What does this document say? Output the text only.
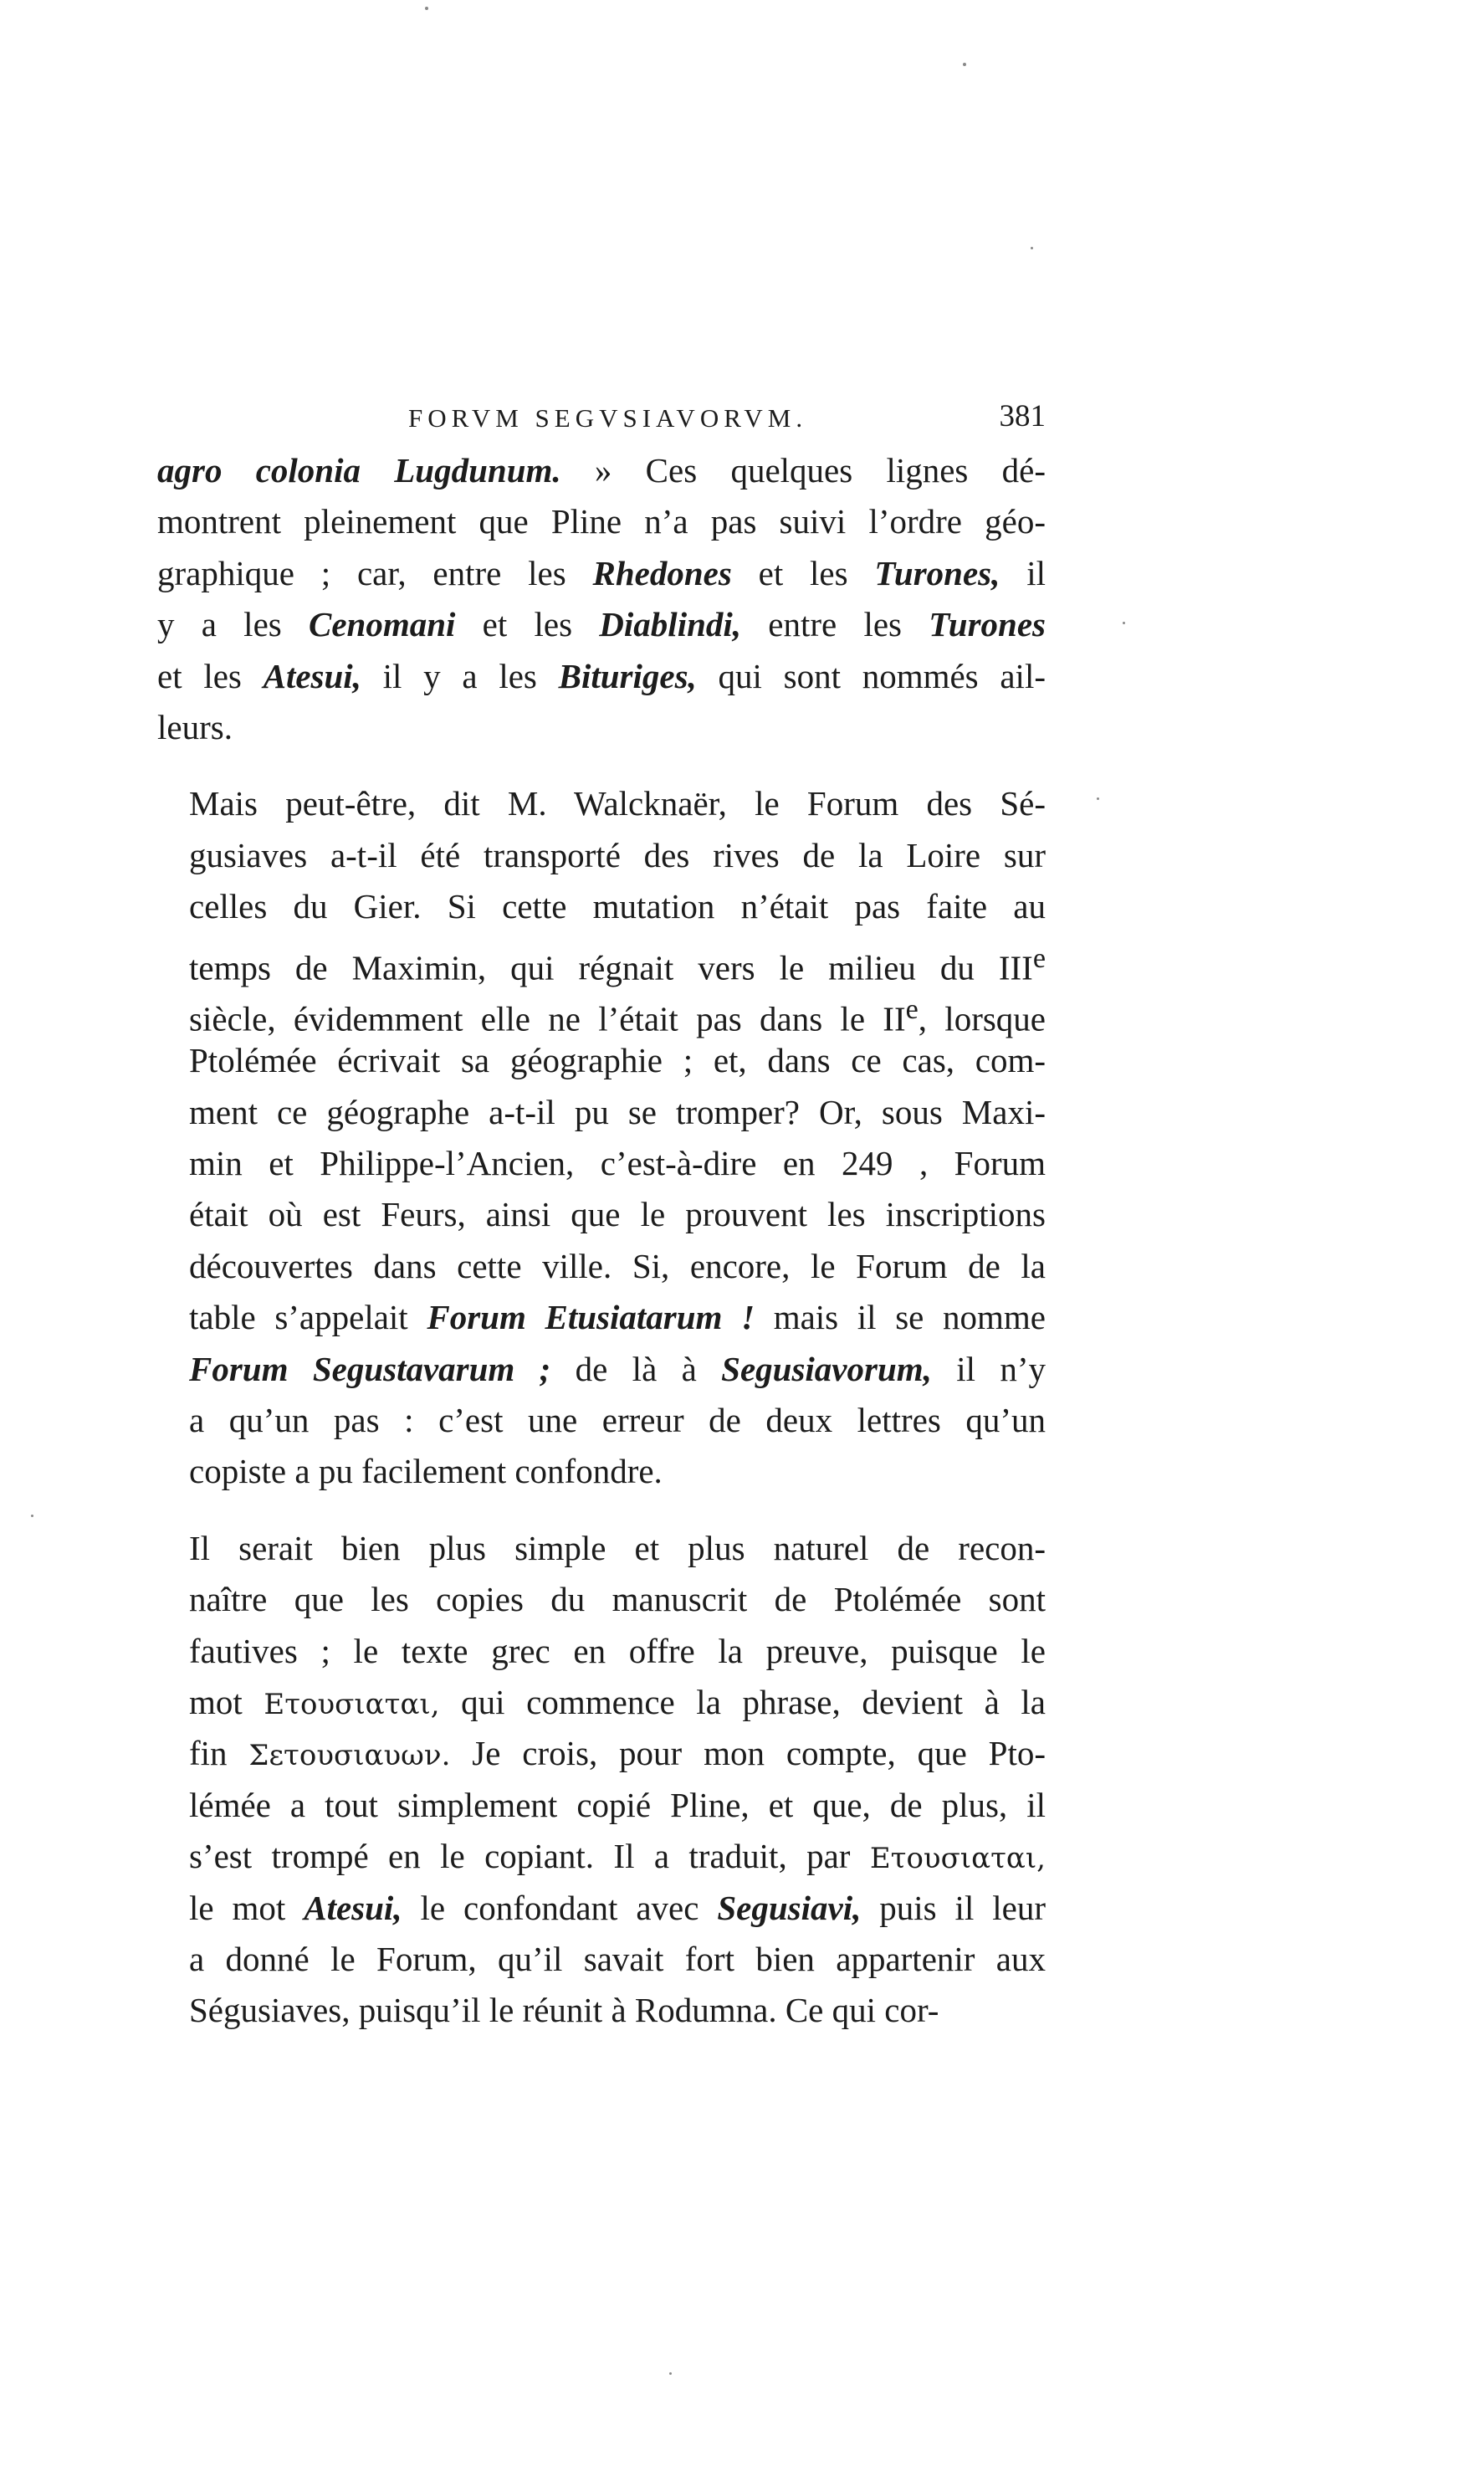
FORVM SEGVSIAVORVM.	381

agro colonia Lugdunum. » Ces quelques lignes dé-
montrent pleinement que Pline n’a pas suivi l’ordre géo-
graphique ; car, entre les Rhedones et les Turones, il
y a les Cenomani et les Diablindi, entre les Turones
et les Atesui, il y a les Bituriges, qui sont nommés ail-
leurs.

Mais peut-être, dit M. Walcknaër, le Forum des Sé-
gusiaves a-t-il été transporté des rives de la Loire sur
celles du Gier. Si cette mutation n’était pas faite au
temps de Maximin, qui régnait vers le milieu du IIIe
siècle, évidemment elle ne l’était pas dans le IIe, lorsque
Ptolémée écrivait sa géographie ; et, dans ce cas, com-
ment ce géographe a-t-il pu se tromper? Or, sous Maxi-
min et Philippe-l’Ancien, c’est-à-dire en 249 , Forum
était où est Feurs, ainsi que le prouvent les inscriptions
découvertes dans cette ville. Si, encore, le Forum de la
table s’appelait Forum Etusiatarum ! mais il se nomme
Forum Segustavarum ; de là à Segusiavorum, il n’y
a qu’un pas : c’est une erreur de deux lettres qu’un
copiste a pu facilement confondre.

Il serait bien plus simple et plus naturel de recon-
naître que les copies du manuscrit de Ptolémée sont
fautives ; le texte grec en offre la preuve, puisque le
mot Ετουσιαται, qui commence la phrase, devient à la
fin Σετουσιαυων. Je crois, pour mon compte, que Pto-
lémée a tout simplement copié Pline, et que, de plus, il
s’est trompé en le copiant. Il a traduit, par Ετουσιαται,
le mot Atesui, le confondant avec Segusiavi, puis il leur
a donné le Forum, qu’il savait fort bien appartenir aux
Ségusiaves, puisqu’il le réunit à Rodumna. Ce qui cor-
